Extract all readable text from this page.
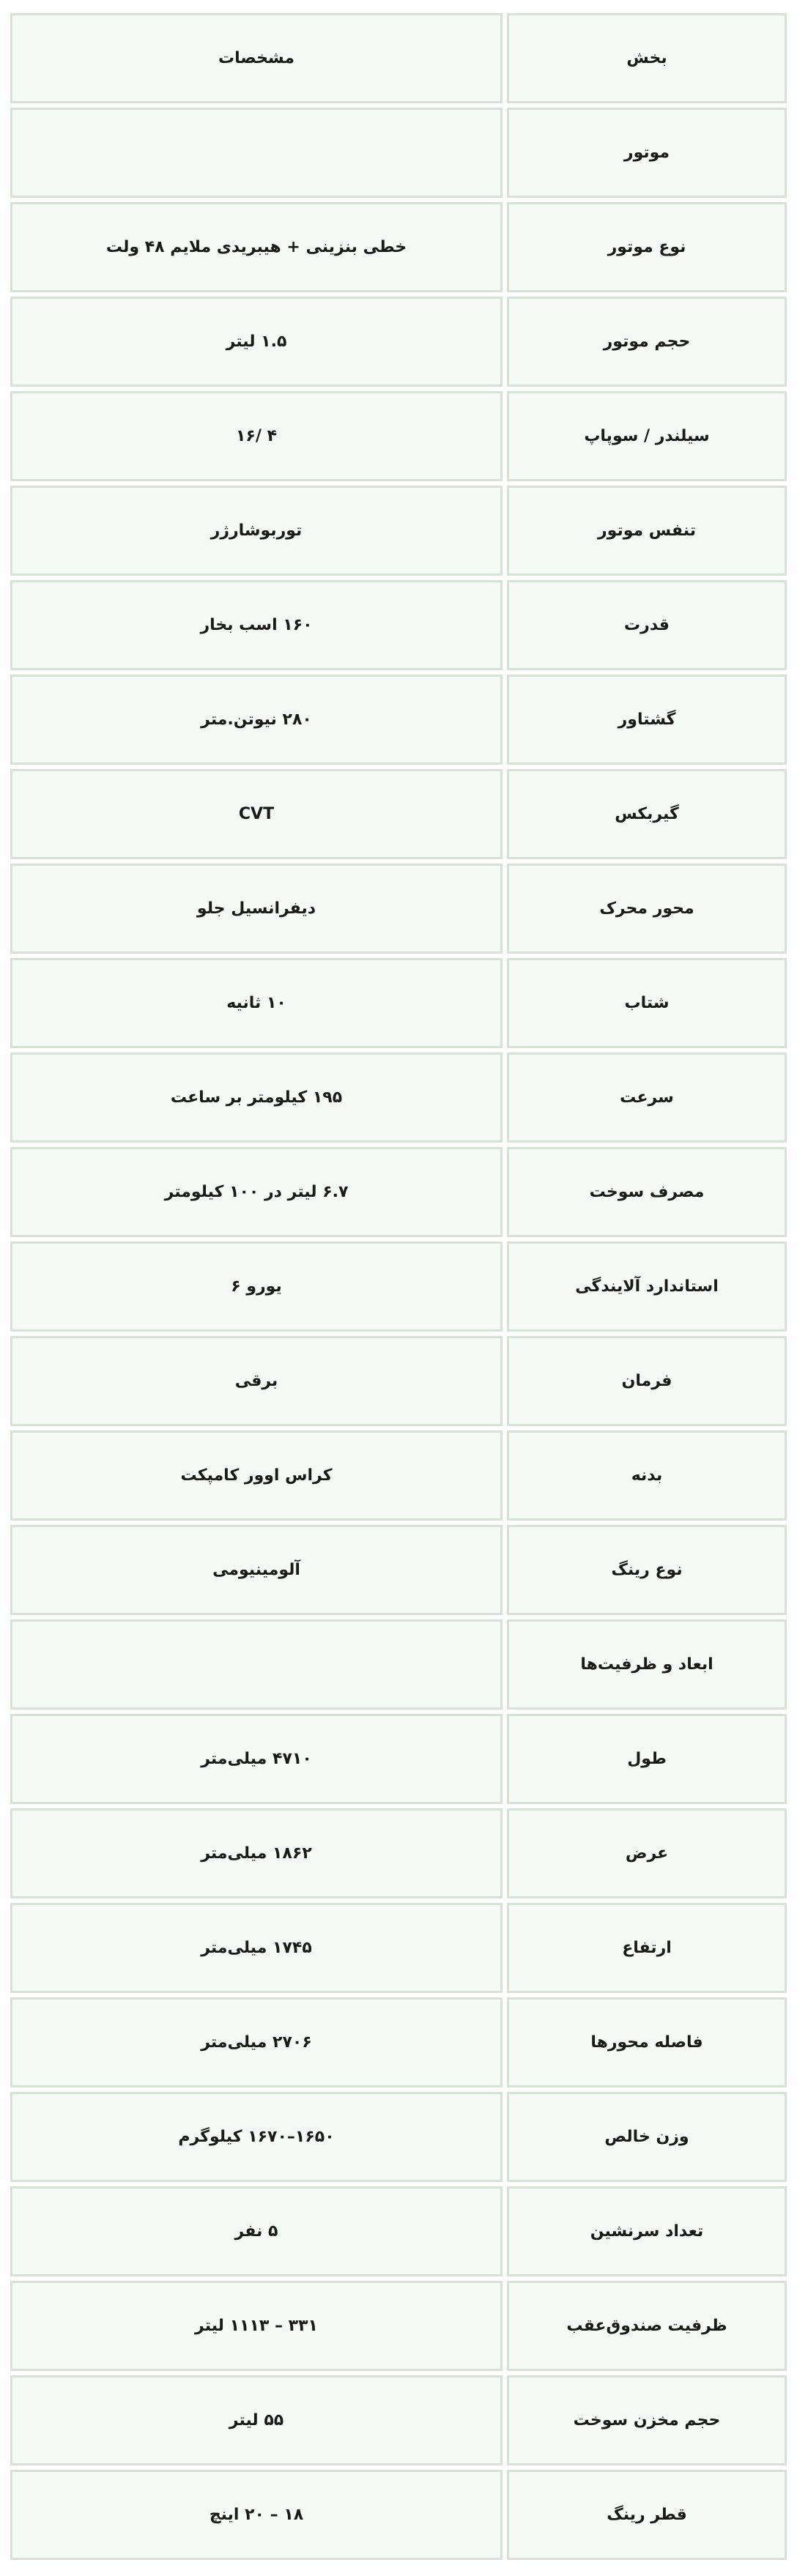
بخش	مشخصات
موتور	
نوع موتور	خطی بنزینی + هیبریدی ملایم ۴۸ ولت
حجم موتور	۱.۵ لیتر
سیلندر / سوپاپ	۴ /۱۶
تنفس موتور	توربوشارژر
قدرت	۱۶۰ اسب بخار
گشتاور	۲۸۰ نیوتن.متر
گیربکس	CVT
محور محرک	دیفرانسیل جلو
شتاب	۱۰ ثانیه
سرعت	۱۹۵ کیلومتر بر ساعت
مصرف سوخت	۶.۷ لیتر در ۱۰۰ کیلومتر
استاندارد آلایندگی	یورو ۶
فرمان	برقی
بدنه	کراس اوور کامپکت
نوع رینگ	آلومینیومی
ابعاد و ظرفیت‌ها	
طول	۴۷۱۰ میلی‌متر
عرض	۱۸۶۲ میلی‌متر
ارتفاع	۱۷۴۵ میلی‌متر
فاصله محورها	۲۷۰۶ میلی‌متر
وزن خالص	۱۶۵۰–۱۶۷۰ کیلوگرم
تعداد سرنشین	۵ نفر
ظرفیت صندوق‌عقب	۳۳۱ – ۱۱۱۳ لیتر
حجم مخزن سوخت	۵۵ لیتر
قطر رینگ	۱۸ – ۲۰ اینچ
